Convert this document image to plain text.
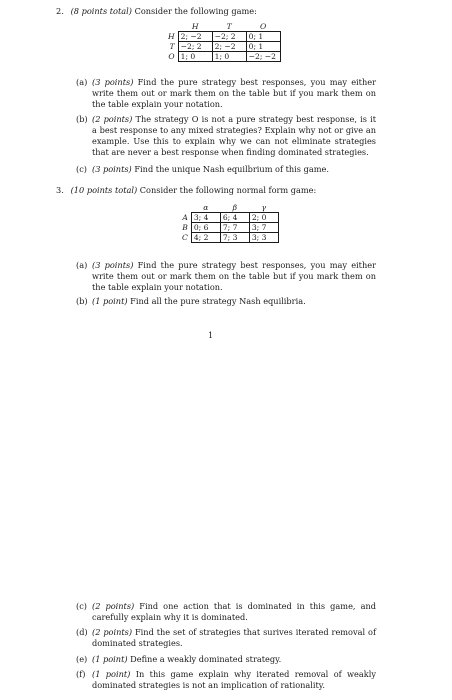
2. (8 points total) Consider the following game:
	H	T	O
H	2; −2	−2; 2	0; 1
T	−2; 2	2; −2	0; 1
O	1; 0	1; 0	−2; −2
(a) (3 points) Find the pure strategy best responses, you may either write them out or mark them on the table but if you mark them on the table explain your notation.
(b) (2 points) The strategy O is not a pure strategy best response, is it a best response to any mixed strategies? Explain why not or give an example. Use this to explain why we can not eliminate strategies that are never a best response when finding dominated strategies.
(c) (3 points) Find the unique Nash equilbrium of this game.
3. (10 points total) Consider the following normal form game:
	α	β	γ
A	3; 4	6; 4	2; 0
B	0; 6	7; 7	3; 7
C	4; 2	7; 3	3; 3
(a) (3 points) Find the pure strategy best responses, you may either write them out or mark them on the table but if you mark them on the table explain your notation.
(b) (1 point) Find all the pure strategy Nash equilibria.
1
(c) (2 points) Find one action that is dominated in this game, and carefully explain why it is dominated.
(d) (2 points) Find the set of strategies that surives iterated removal of dominated strategies.
(e) (1 point) Define a weakly dominated strategy.
(f) (1 point) In this game explain why iterated removal of weakly dominated strategies is not an implication of rationality.
